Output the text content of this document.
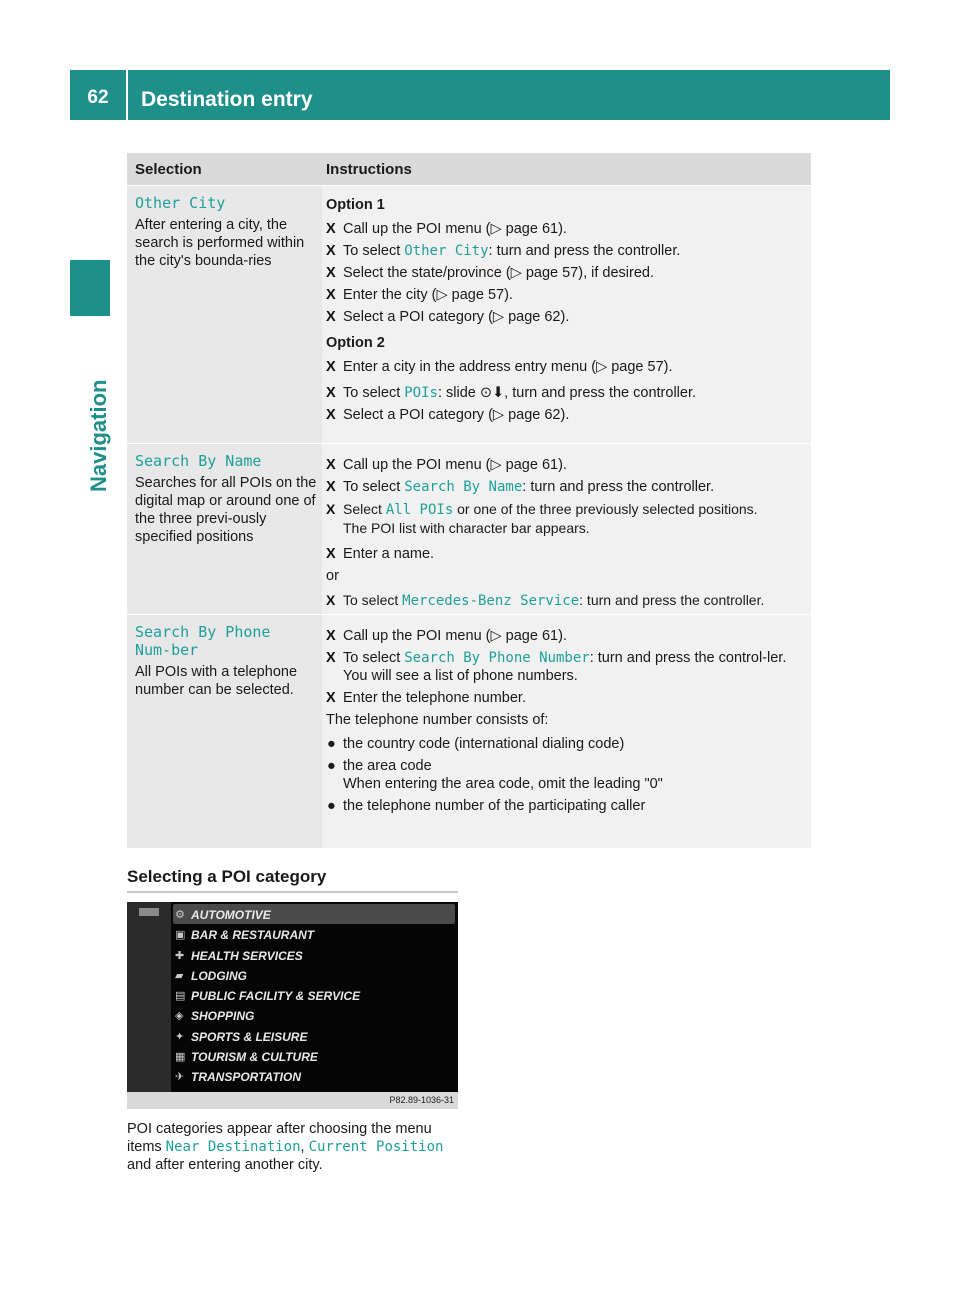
62	Destination entry
Navigation
Selection	Instructions
Other City
After entering a city, the search is performed within the city's bounda-ries
Option 1
X Call up the POI menu (▷ page 61).
X To select Other City: turn and press the controller.
X Select the state/province (▷ page 57), if desired.
X Enter the city (▷ page 57).
X Select a POI category (▷ page 62).
Option 2
X Enter a city in the address entry menu (▷ page 57).
X To select POIs: slide ⊙⬇, turn and press the controller.
X Select a POI category (▷ page 62).
Search By Name
Searches for all POIs on the digital map or around one of the three previ-ously specified positions
X Call up the POI menu (▷ page 61).
X To select Search By Name: turn and press the controller.
X Select All POIs or one of the three previously selected positions.
The POI list with character bar appears.
X Enter a name.
or
X To select Mercedes-Benz Service: turn and press the controller.
Search By Phone Num-ber
All POIs with a telephone number can be selected.
X Call up the POI menu (▷ page 61).
X To select Search By Phone Number: turn and press the control-ler.
You will see a list of phone numbers.
X Enter the telephone number.
The telephone number consists of:
● the country code (international dialing code)
● the area code
When entering the area code, omit the leading "0"
● the telephone number of the participating caller
Selecting a POI category
⚙ AUTOMOTIVE
▣ BAR & RESTAURANT
✚ HEALTH SERVICES
▰ LODGING
▤ PUBLIC FACILITY & SERVICE
◈ SHOPPING
✦ SPORTS & LEISURE
▦ TOURISM & CULTURE
✈ TRANSPORTATION
P82.89-1036-31
POI categories appear after choosing the menu items Near Destination, Current Position and after entering another city.
